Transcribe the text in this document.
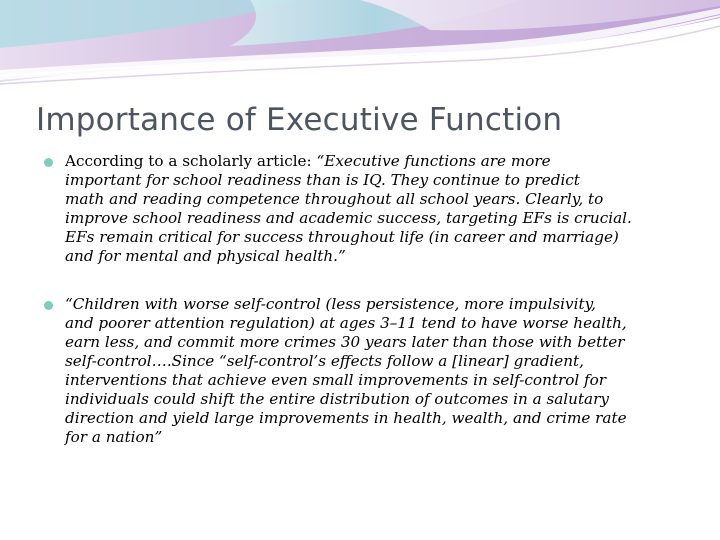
Importance of Executive Function

According to a scholarly article: “Executive functions are more
important for school readiness than is IQ. They continue to predict
math and reading competence throughout all school years. Clearly, to
improve school readiness and academic success, targeting EFs is crucial.
EFs remain critical for success throughout life (in career and marriage)
and for mental and physical health.”

“Children with worse self-control (less persistence, more impulsivity,
and poorer attention regulation) at ages 3–11 tend to have worse health,
earn less, and commit more crimes 30 years later than those with better
self-control….Since “self-control’s effects follow a [linear] gradient,
interventions that achieve even small improvements in self-control for
individuals could shift the entire distribution of outcomes in a salutary
direction and yield large improvements in health, wealth, and crime rate
for a nation”
